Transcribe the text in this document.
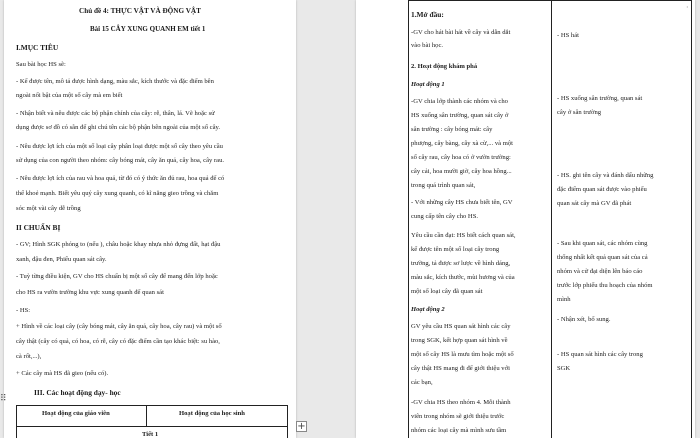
Chủ đề 4: THỰC VẬT VÀ ĐỘNG VẬT
Bài 15 CÂY XUNG QUANH EM tiết 1
I.MỤC TIÊU
Sau bài học HS sẽ:
- Kể được tên, mô tả được hình dạng, màu sắc, kích thước và đặc điểm bên
ngoài nổi bật của một số cây mà em biết
- Nhận biết và nêu được các bộ phận chính của cây: rễ, thân, lá. Vẽ hoặc sử
dụng được sơ đồ có sẵn để ghi chú tên các bộ phận bên ngoài của một số cây.
- Nêu được lợi ích của một số loại cây phân loại được một số cây theo yêu cầu
sử dụng của con người theo nhóm: cây bóng mát, cây ăn quả, cây hoa, cây rau.
- Nêu được lợi ích của rau và hoa quả, từ đó có ý thức ăn đủ rau, hoa quả để có
thể khoẻ mạnh. Biết yêu quý cây xung quanh, có kĩ năng gieo trồng và chăm
sóc một vài cây dễ trồng
II CHUẨN BỊ
- GV; Hình SGK phóng to (nếu ), châu hoặc khay nhựa nhỏ đựng đất, hạt đậu
xanh, đậu đen, Phiếu quan sát cây.
- Tuỳ từng điều kiện, GV cho HS chuẩn bị một số cây để mang đến lớp hoặc
cho HS ra vườn trường khu vực xung quanh để quan sát
- HS:
+ Hình về các loại cây (cây bóng mát, cây ăn quả, cây hoa, cây rau) và một số
cây thật (cây có quả, có hoa, có rễ, cây có đặc điểm cần tạo khác biệt: su hào,
cà rốt,...),
+ Các cây mà HS đã gieo (nếu có).
III. Các hoạt động dạy- học
Hoạt động của giáo viên	Hoạt động của học sinh
Tiết 1
⠿
+
1.Mở đầu:
-GV cho hát bài hát về cây và dẫn dắt
vào bài học.
2. Hoạt động khám phá
Hoạt động 1
-GV chia lớp thành các nhóm và cho
HS xuống sân trường, quan sát cây ở
sân trường : cây bóng mát: cây
phượng, cây bàng, cây xà cừ,... và một
số cây rau, cây hoa có ở vườn trường:
cây cải, hoa mười giờ, cây hoa hồng...
trong quá trình quan sát,
- Với những cây HS chưa biết tên, GV
cung cấp tên cây cho HS.
Yêu cầu cần đạt: HS biết cách quan sát,
kể được tên một số loại cây trong
trường, tả được sơ lược về hình dáng,
màu sắc, kích thước, mùi hương và của
một số loại cây đã quan sát
Hoạt động 2
GV yêu cầu HS quan sát hình các cây
trong SGK, kết hợp quan sát hình về
một số cây HS là mưu tìm hoặc một số
cây thật HS mang đi để giới thiệu với
các bạn,
-GV chia HS theo nhóm 4. Mỗi thành
viên trong nhóm sẽ giới thiệu trước
nhóm các loại cây mà mình sưu tầm
- HS hát
- HS xuống sân trường, quan sát
cây ở sân trường
- HS. ghi tên cây và đánh dấu những
đặc điểm quan sát được vào phiếu
quan sát cây mà GV đã phát
- Sau khi quan sát, các nhóm cùng
thống nhất kết quả quan sát của cả
nhóm và cử đại diện lên báo cáo
trước lớp phiếu thu hoạch của nhóm
mình
- Nhận xét, bổ sung.
- HS quan sát hình các cây trong
SGK
·
